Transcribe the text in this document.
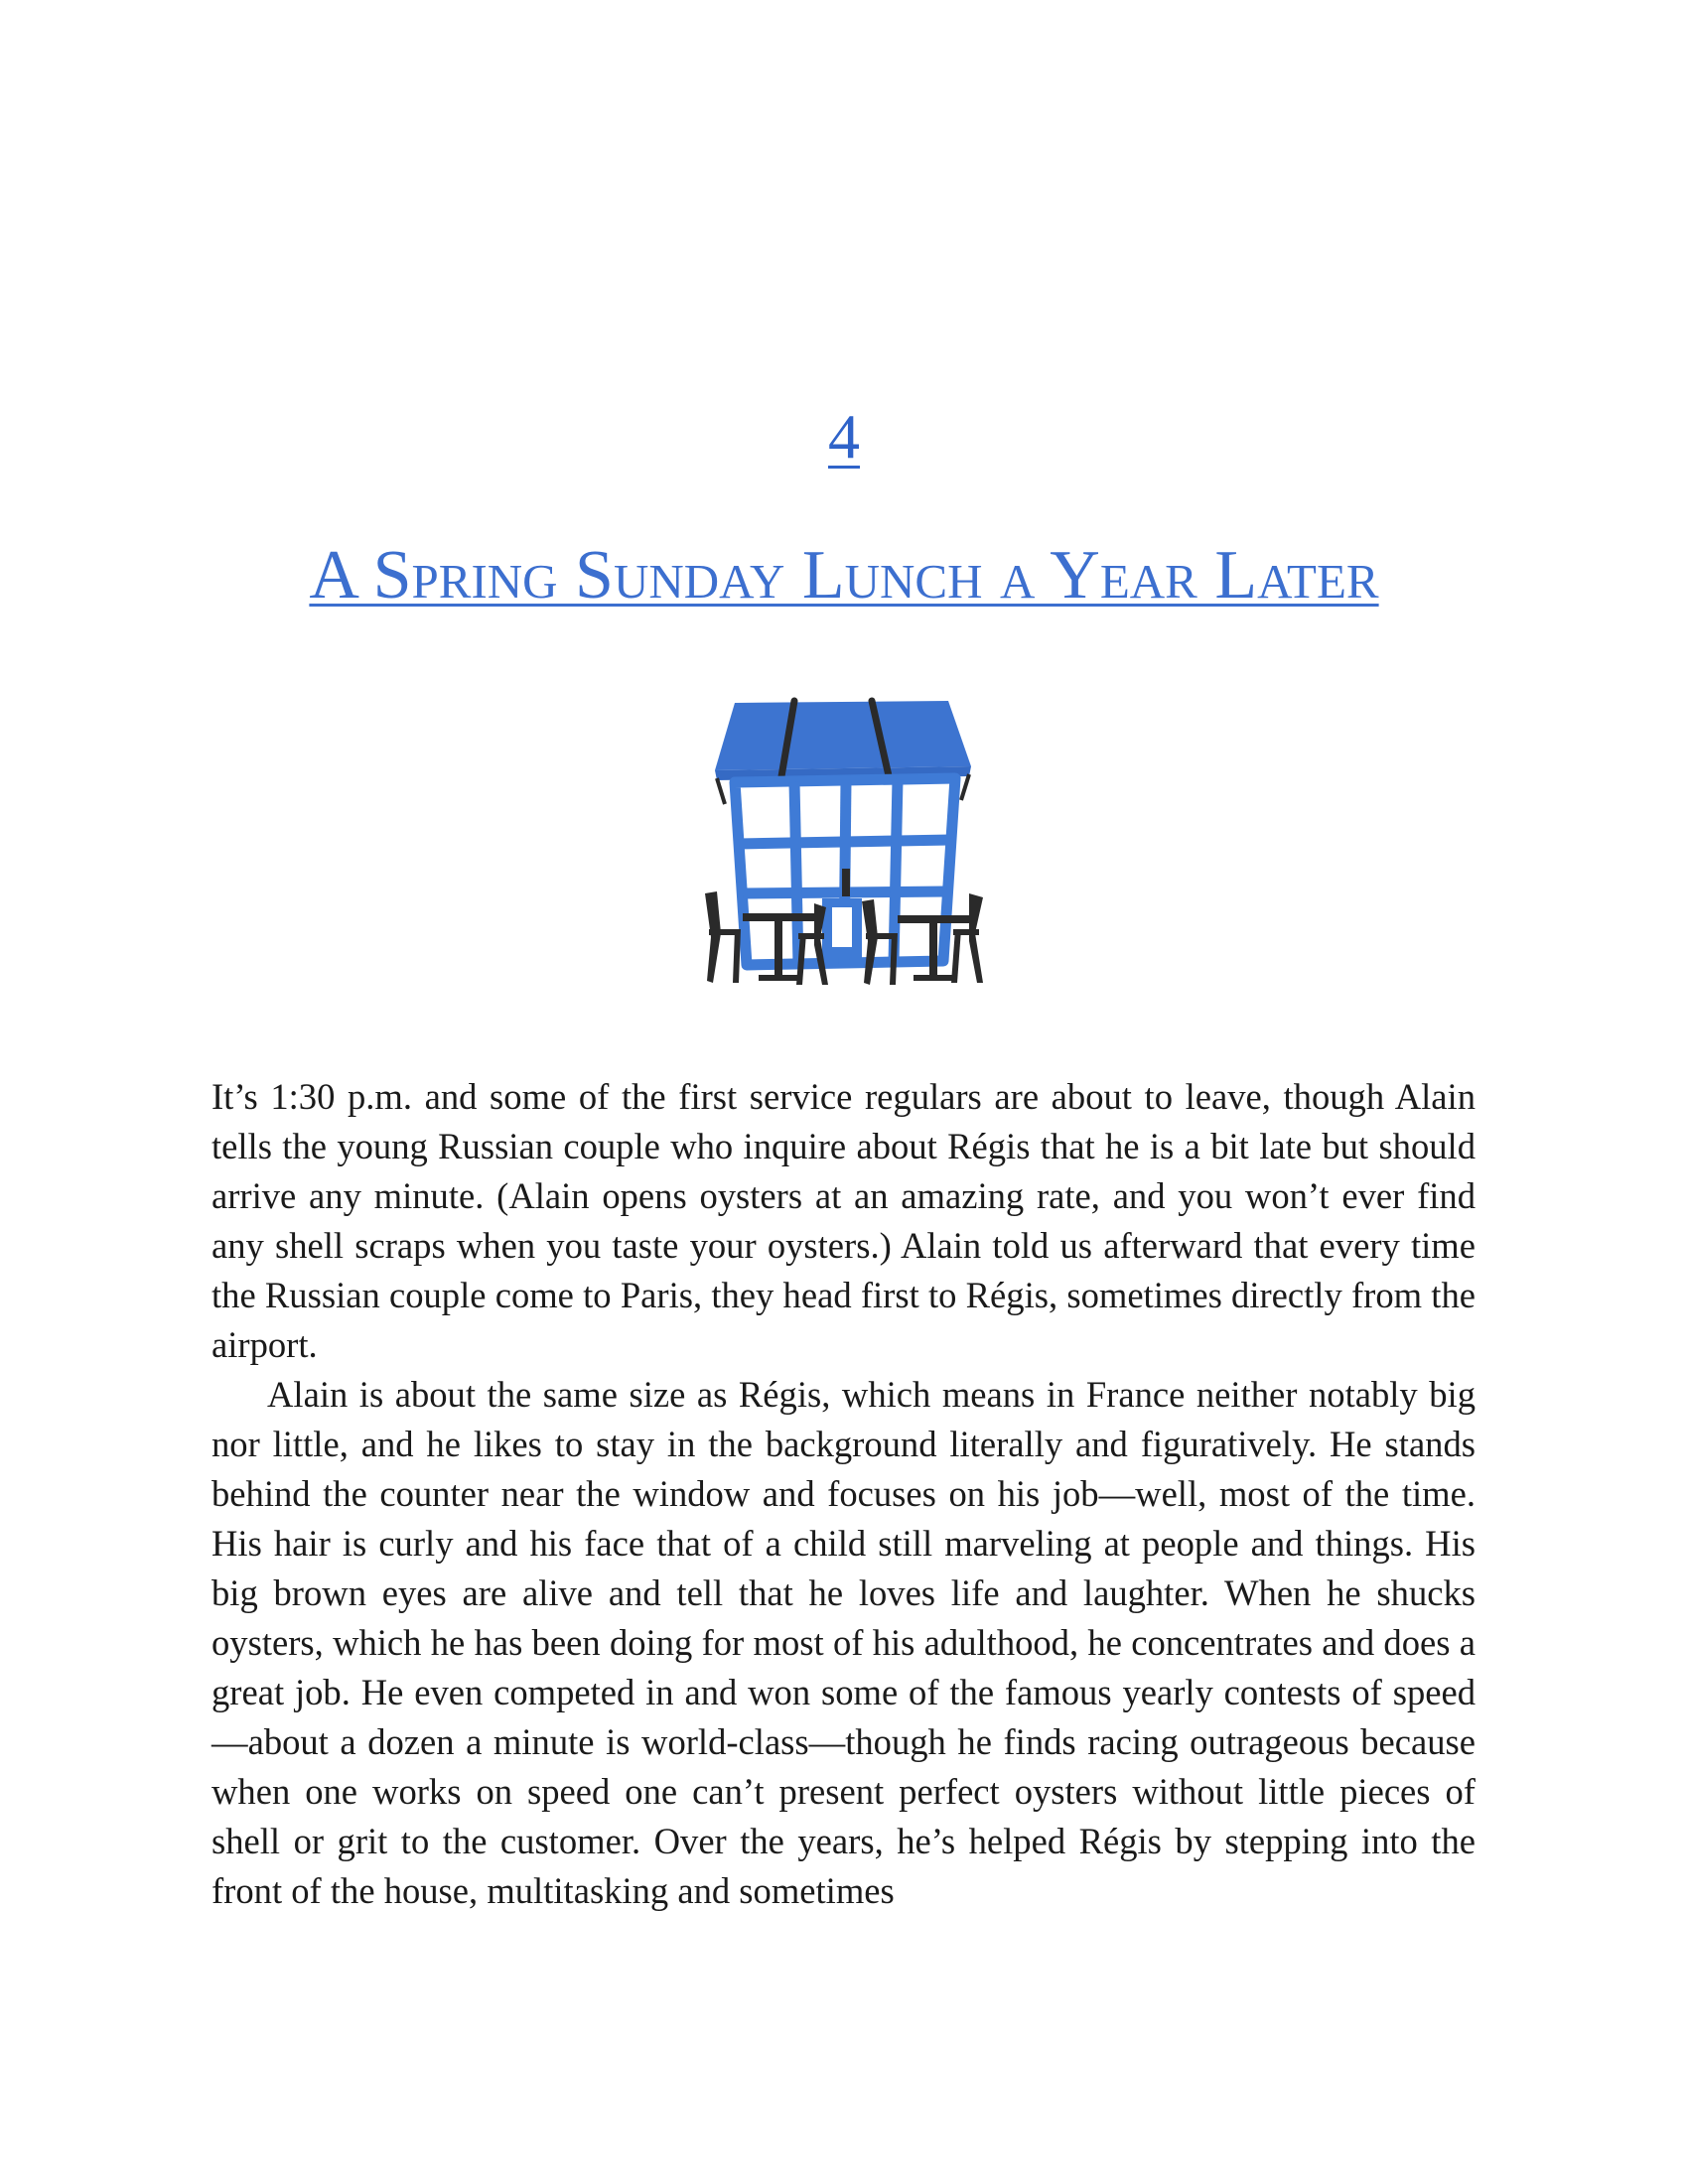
4
A Spring Sunday Lunch a Year Later

It’s 1:30 p.m. and some of the first service regulars are about to leave, though Alain tells the young Russian couple who inquire about Régis that he is a bit late but should arrive any minute. (Alain opens oysters at an amazing rate, and you won’t ever find any shell scraps when you taste your oysters.) Alain told us afterward that every time the Russian couple come to Paris, they head first to Régis, sometimes directly from the airport.

Alain is about the same size as Régis, which means in France neither notably big nor little, and he likes to stay in the background literally and figuratively. He stands behind the counter near the window and focuses on his job—well, most of the time. His hair is curly and his face that of a child still marveling at people and things. His big brown eyes are alive and tell that he loves life and laughter. When he shucks oysters, which he has been doing for most of his adulthood, he concentrates and does a great job. He even competed in and won some of the famous yearly contests of speed—about a dozen a minute is world-class—though he finds racing outrageous because when one works on speed one can’t present perfect oysters without little pieces of shell or grit to the customer. Over the years, he’s helped Régis by stepping into the front of the house, multitasking and sometimes
